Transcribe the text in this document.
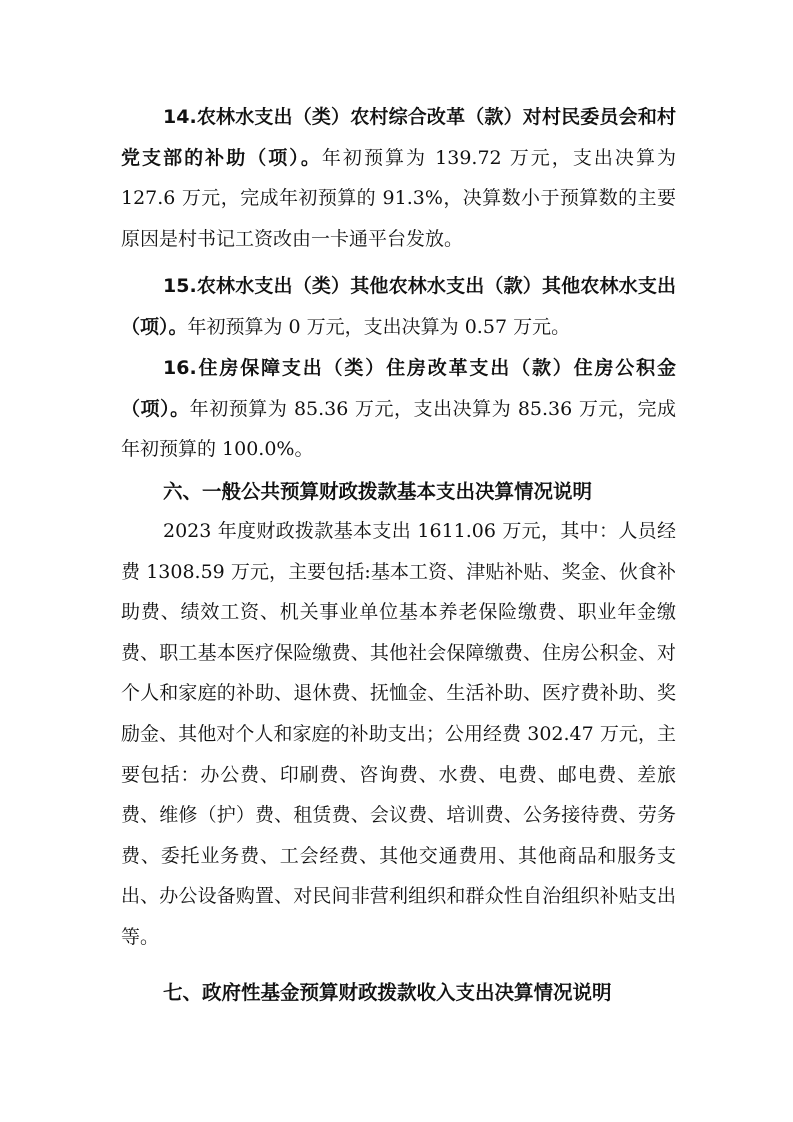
14.农林水支出（类）农村综合改革（款）对村民委员会和村党支部的补助（项）。年初预算为 139.72 万元，支出决算为 127.6 万元，完成年初预算的 91.3%，决算数小于预算数的主要原因是村书记工资改由一卡通平台发放。

15.农林水支出（类）其他农林水支出（款）其他农林水支出（项）。年初预算为 0 万元，支出决算为 0.57 万元。

16.住房保障支出（类）住房改革支出（款）住房公积金（项）。年初预算为 85.36 万元，支出决算为 85.36 万元，完成年初预算的 100.0%。

六、一般公共预算财政拨款基本支出决算情况说明

2023 年度财政拨款基本支出 1611.06 万元，其中：人员经费 1308.59 万元，主要包括:基本工资、津贴补贴、奖金、伙食补助费、绩效工资、机关事业单位基本养老保险缴费、职业年金缴费、职工基本医疗保险缴费、其他社会保障缴费、住房公积金、对个人和家庭的补助、退休费、抚恤金、生活补助、医疗费补助、奖励金、其他对个人和家庭的补助支出；公用经费 302.47 万元，主要包括：办公费、印刷费、咨询费、水费、电费、邮电费、差旅费、维修（护）费、租赁费、会议费、培训费、公务接待费、劳务费、委托业务费、工会经费、其他交通费用、其他商品和服务支出、办公设备购置、对民间非营利组织和群众性自治组织补贴支出等。

七、政府性基金预算财政拨款收入支出决算情况说明
